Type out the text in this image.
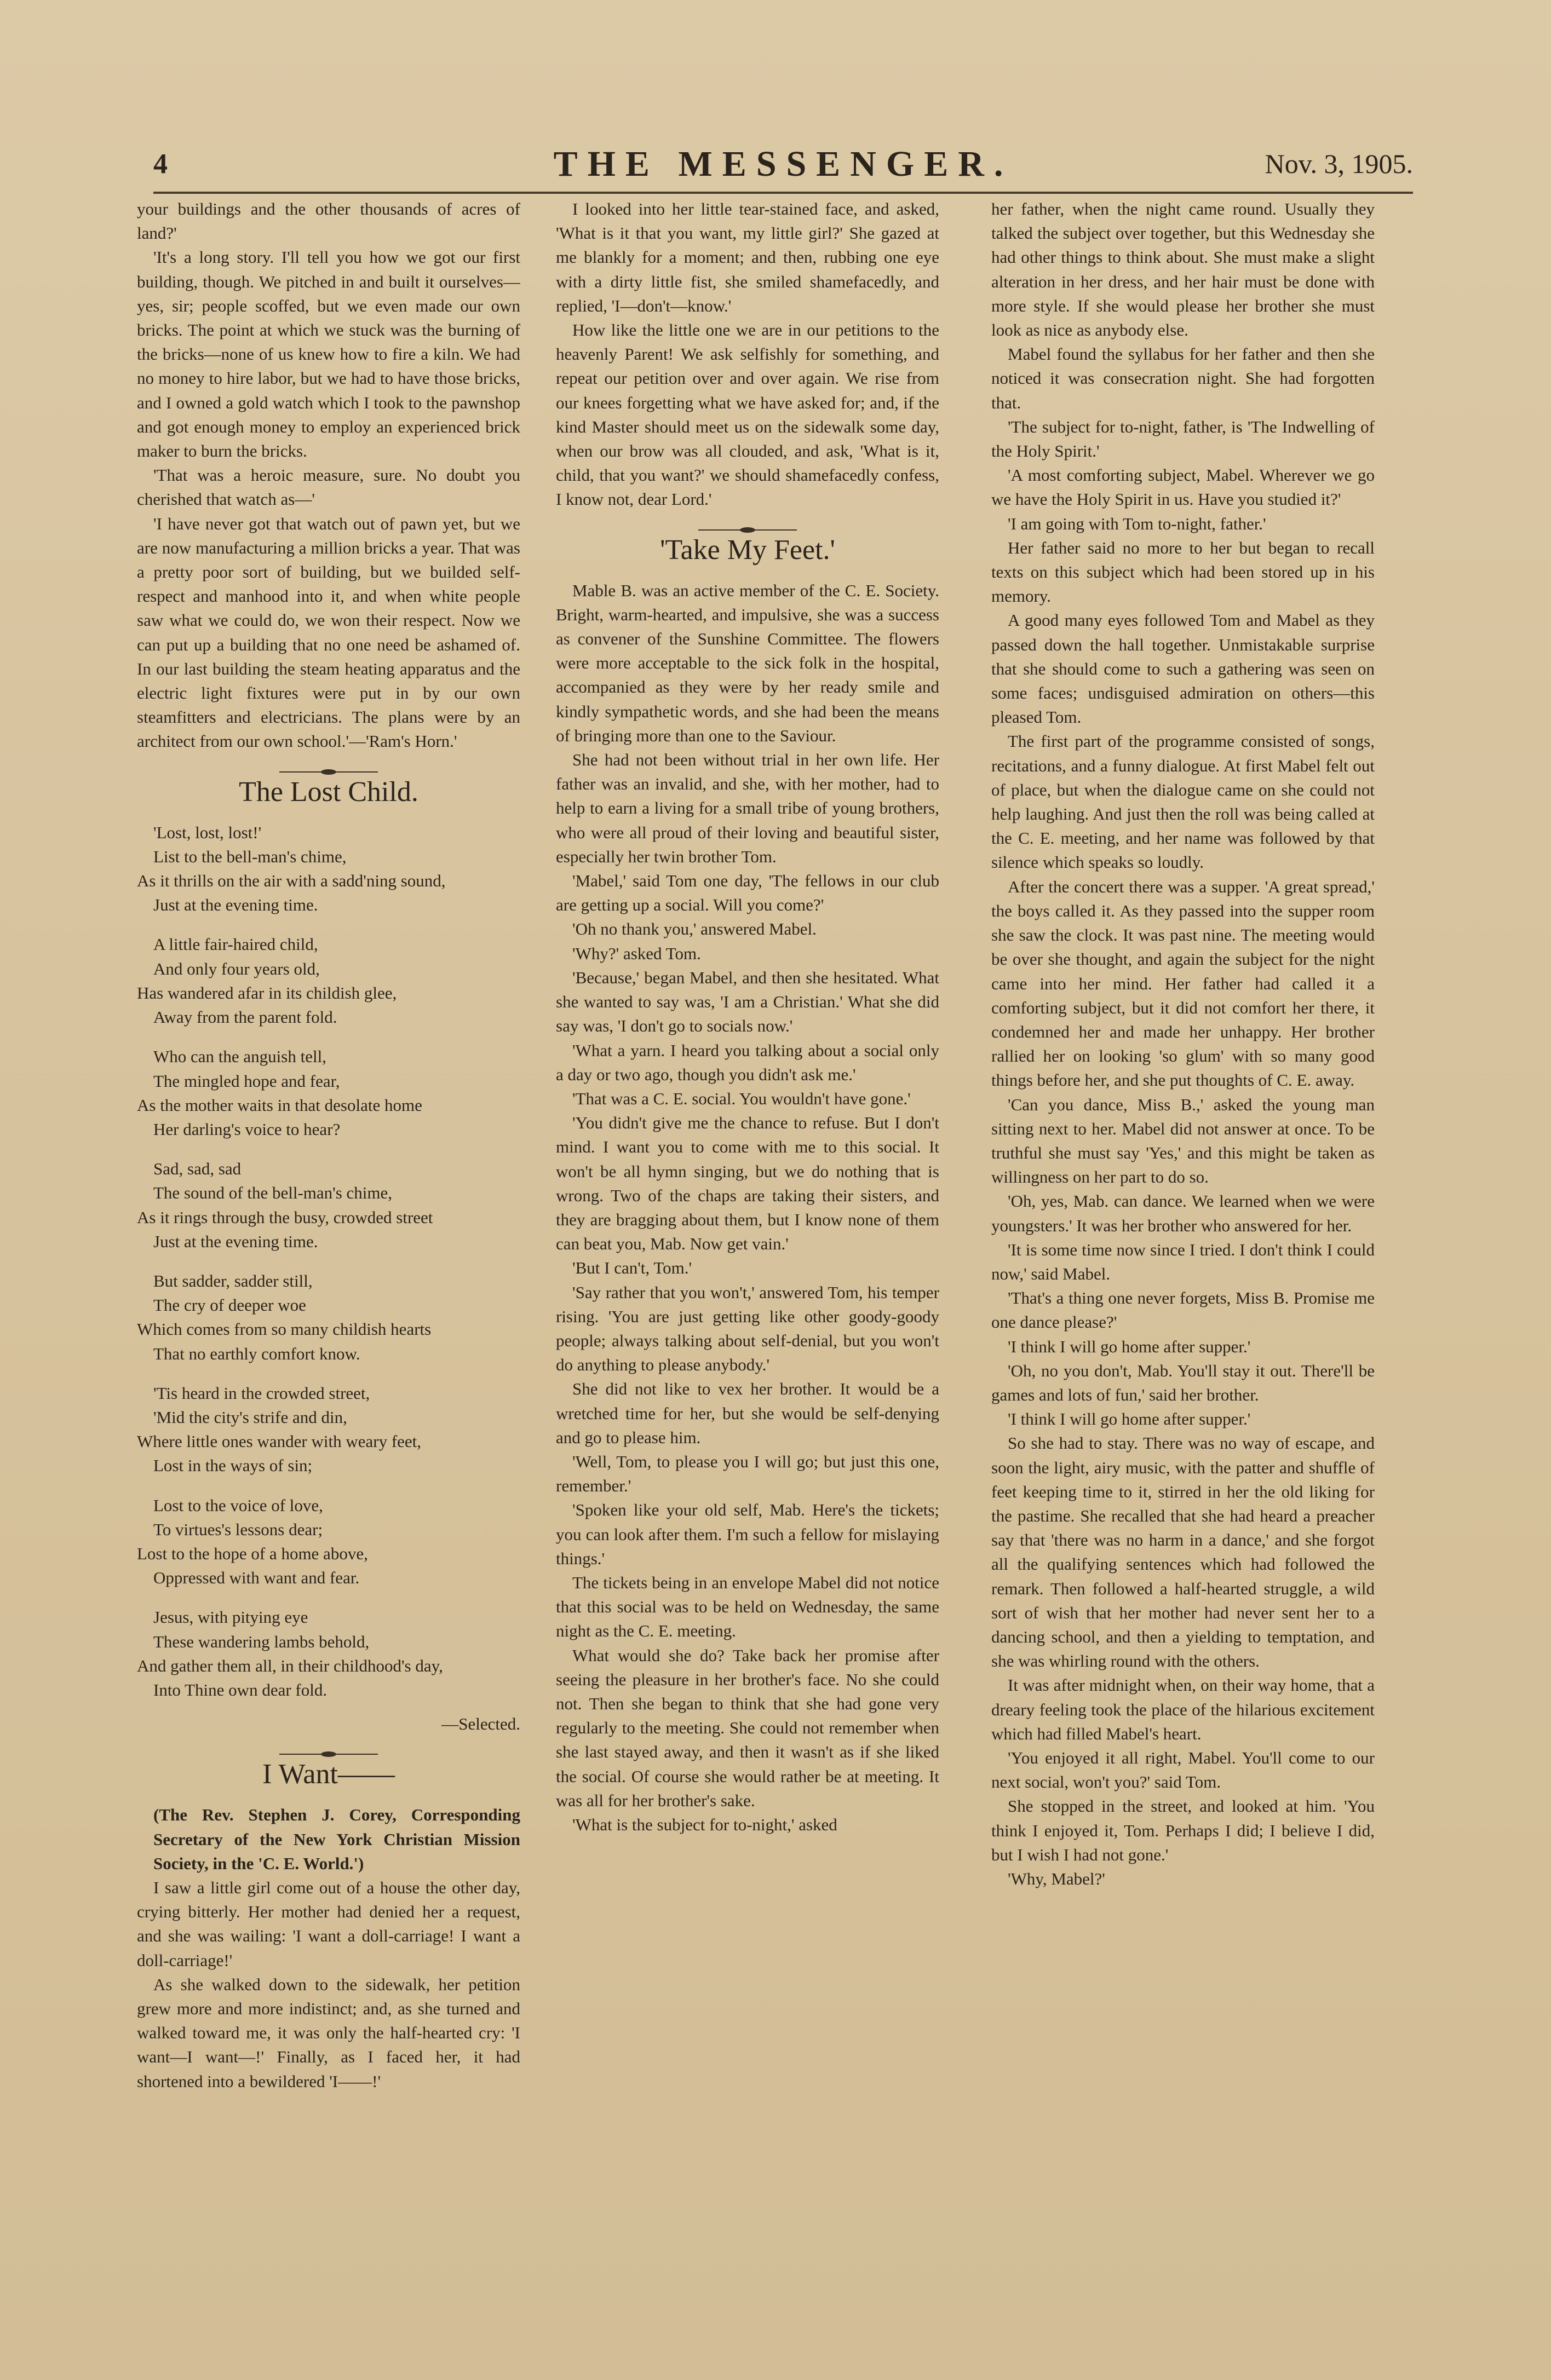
4	THE MESSENGER.	Nov. 3, 1905.

your buildings and the other thousands of acres of land?'

'It's a long story. I'll tell you how we got our first building, though. We pitched in and built it ourselves—yes, sir; people scoffed, but we even made our own bricks. The point at which we stuck was the burning of the bricks—none of us knew how to fire a kiln. We had no money to hire labor, but we had to have those bricks, and I owned a gold watch which I took to the pawnshop and got enough money to employ an experienced brick maker to burn the bricks.

'That was a heroic measure, sure. No doubt you cherished that watch as—'

'I have never got that watch out of pawn yet, but we are now manufacturing a million bricks a year. That was a pretty poor sort of building, but we builded self-respect and manhood into it, and when white people saw what we could do, we won their respect. Now we can put up a building that no one need be ashamed of. In our last building the steam heating apparatus and the electric light fixtures were put in by our own steamfitters and electricians. The plans were by an architect from our own school.'—'Ram's Horn.'

The Lost Child.
'Lost, lost, lost!'
List to the bell-man's chime,
As it thrills on the air with a sadd'ning sound,
Just at the evening time.
A little fair-haired child,
And only four years old,
Has wandered afar in its childish glee,
Away from the parent fold.
Who can the anguish tell,
The mingled hope and fear,
As the mother waits in that desolate home
Her darling's voice to hear?
Sad, sad, sad
The sound of the bell-man's chime,
As it rings through the busy, crowded street
Just at the evening time.
But sadder, sadder still,
The cry of deeper woe
Which comes from so many childish hearts
That no earthly comfort know.
'Tis heard in the crowded street,
'Mid the city's strife and din,
Where little ones wander with weary feet,
Lost in the ways of sin;
Lost to the voice of love,
To virtues's lessons dear;
Lost to the hope of a home above,
Oppressed with want and fear.
Jesus, with pitying eye
These wandering lambs behold,
And gather them all, in their childhood's day,
Into Thine own dear fold.
—Selected.
I Want——

(The Rev. Stephen J. Corey, Corresponding Secretary of the New York Christian Mission Society, in the 'C. E. World.')

I saw a little girl come out of a house the other day, crying bitterly. Her mother had denied her a request, and she was wailing: 'I want a doll-carriage! I want a doll-carriage!'

As she walked down to the sidewalk, her petition grew more and more indistinct; and, as she turned and walked toward me, it was only the half-hearted cry: 'I want—I want—!' Finally, as I faced her, it had shortened into a bewildered 'I——!'

I looked into her little tear-stained face, and asked, 'What is it that you want, my little girl?' She gazed at me blankly for a moment; and then, rubbing one eye with a dirty little fist, she smiled shamefacedly, and replied, 'I—don't—know.'

How like the little one we are in our petitions to the heavenly Parent! We ask selfishly for something, and repeat our petition over and over again. We rise from our knees forgetting what we have asked for; and, if the kind Master should meet us on the sidewalk some day, when our brow was all clouded, and ask, 'What is it, child, that you want?' we should shamefacedly confess, I know not, dear Lord.'

'Take My Feet.'

Mable B. was an active member of the C. E. Society. Bright, warm-hearted, and impulsive, she was a success as convener of the Sunshine Committee. The flowers were more acceptable to the sick folk in the hospital, accompanied as they were by her ready smile and kindly sympathetic words, and she had been the means of bringing more than one to the Saviour.

She had not been without trial in her own life. Her father was an invalid, and she, with her mother, had to help to earn a living for a small tribe of young brothers, who were all proud of their loving and beautiful sister, especially her twin brother Tom.

'Mabel,' said Tom one day, 'The fellows in our club are getting up a social. Will you come?'

'Oh no thank you,' answered Mabel.

'Why?' asked Tom.

'Because,' began Mabel, and then she hesitated. What she wanted to say was, 'I am a Christian.' What she did say was, 'I don't go to socials now.'

'What a yarn. I heard you talking about a social only a day or two ago, though you didn't ask me.'

'That was a C. E. social. You wouldn't have gone.'

'You didn't give me the chance to refuse. But I don't mind. I want you to come with me to this social. It won't be all hymn singing, but we do nothing that is wrong. Two of the chaps are taking their sisters, and they are bragging about them, but I know none of them can beat you, Mab. Now get vain.'

'But I can't, Tom.'

'Say rather that you won't,' answered Tom, his temper rising. 'You are just getting like other goody-goody people; always talking about self-denial, but you won't do anything to please anybody.'

She did not like to vex her brother. It would be a wretched time for her, but she would be self-denying and go to please him.

'Well, Tom, to please you I will go; but just this one, remember.'

'Spoken like your old self, Mab. Here's the tickets; you can look after them. I'm such a fellow for mislaying things.'

The tickets being in an envelope Mabel did not notice that this social was to be held on Wednesday, the same night as the C. E. meeting.

What would she do? Take back her promise after seeing the pleasure in her brother's face. No she could not. Then she began to think that she had gone very regularly to the meeting. She could not remember when she last stayed away, and then it wasn't as if she liked the social. Of course she would rather be at meeting. It was all for her brother's sake.

'What is the subject for to-night,' asked

her father, when the night came round. Usually they talked the subject over together, but this Wednesday she had other things to think about. She must make a slight alteration in her dress, and her hair must be done with more style. If she would please her brother she must look as nice as anybody else.

Mabel found the syllabus for her father and then she noticed it was consecration night. She had forgotten that.

'The subject for to-night, father, is 'The Indwelling of the Holy Spirit.'

'A most comforting subject, Mabel. Wherever we go we have the Holy Spirit in us. Have you studied it?'

'I am going with Tom to-night, father.'

Her father said no more to her but began to recall texts on this subject which had been stored up in his memory.

A good many eyes followed Tom and Mabel as they passed down the hall together. Unmistakable surprise that she should come to such a gathering was seen on some faces; undisguised admiration on others—this pleased Tom.

The first part of the programme consisted of songs, recitations, and a funny dialogue. At first Mabel felt out of place, but when the dialogue came on she could not help laughing. And just then the roll was being called at the C. E. meeting, and her name was followed by that silence which speaks so loudly.

After the concert there was a supper. 'A great spread,' the boys called it. As they passed into the supper room she saw the clock. It was past nine. The meeting would be over she thought, and again the subject for the night came into her mind. Her father had called it a comforting subject, but it did not comfort her there, it condemned her and made her unhappy. Her brother rallied her on looking 'so glum' with so many good things before her, and she put thoughts of C. E. away.

'Can you dance, Miss B.,' asked the young man sitting next to her. Mabel did not answer at once. To be truthful she must say 'Yes,' and this might be taken as willingness on her part to do so.

'Oh, yes, Mab. can dance. We learned when we were youngsters.' It was her brother who answered for her.

'It is some time now since I tried. I don't think I could now,' said Mabel.

'That's a thing one never forgets, Miss B. Promise me one dance please?'

'I think I will go home after supper.'

'Oh, no you don't, Mab. You'll stay it out. There'll be games and lots of fun,' said her brother.

'I think I will go home after supper.'

So she had to stay. There was no way of escape, and soon the light, airy music, with the patter and shuffle of feet keeping time to it, stirred in her the old liking for the pastime. She recalled that she had heard a preacher say that 'there was no harm in a dance,' and she forgot all the qualifying sentences which had followed the remark. Then followed a half-hearted struggle, a wild sort of wish that her mother had never sent her to a dancing school, and then a yielding to temptation, and she was whirling round with the others.

It was after midnight when, on their way home, that a dreary feeling took the place of the hilarious excitement which had filled Mabel's heart.

'You enjoyed it all right, Mabel. You'll come to our next social, won't you?' said Tom.

She stopped in the street, and looked at him. 'You think I enjoyed it, Tom. Perhaps I did; I believe I did, but I wish I had not gone.'

'Why, Mabel?'
